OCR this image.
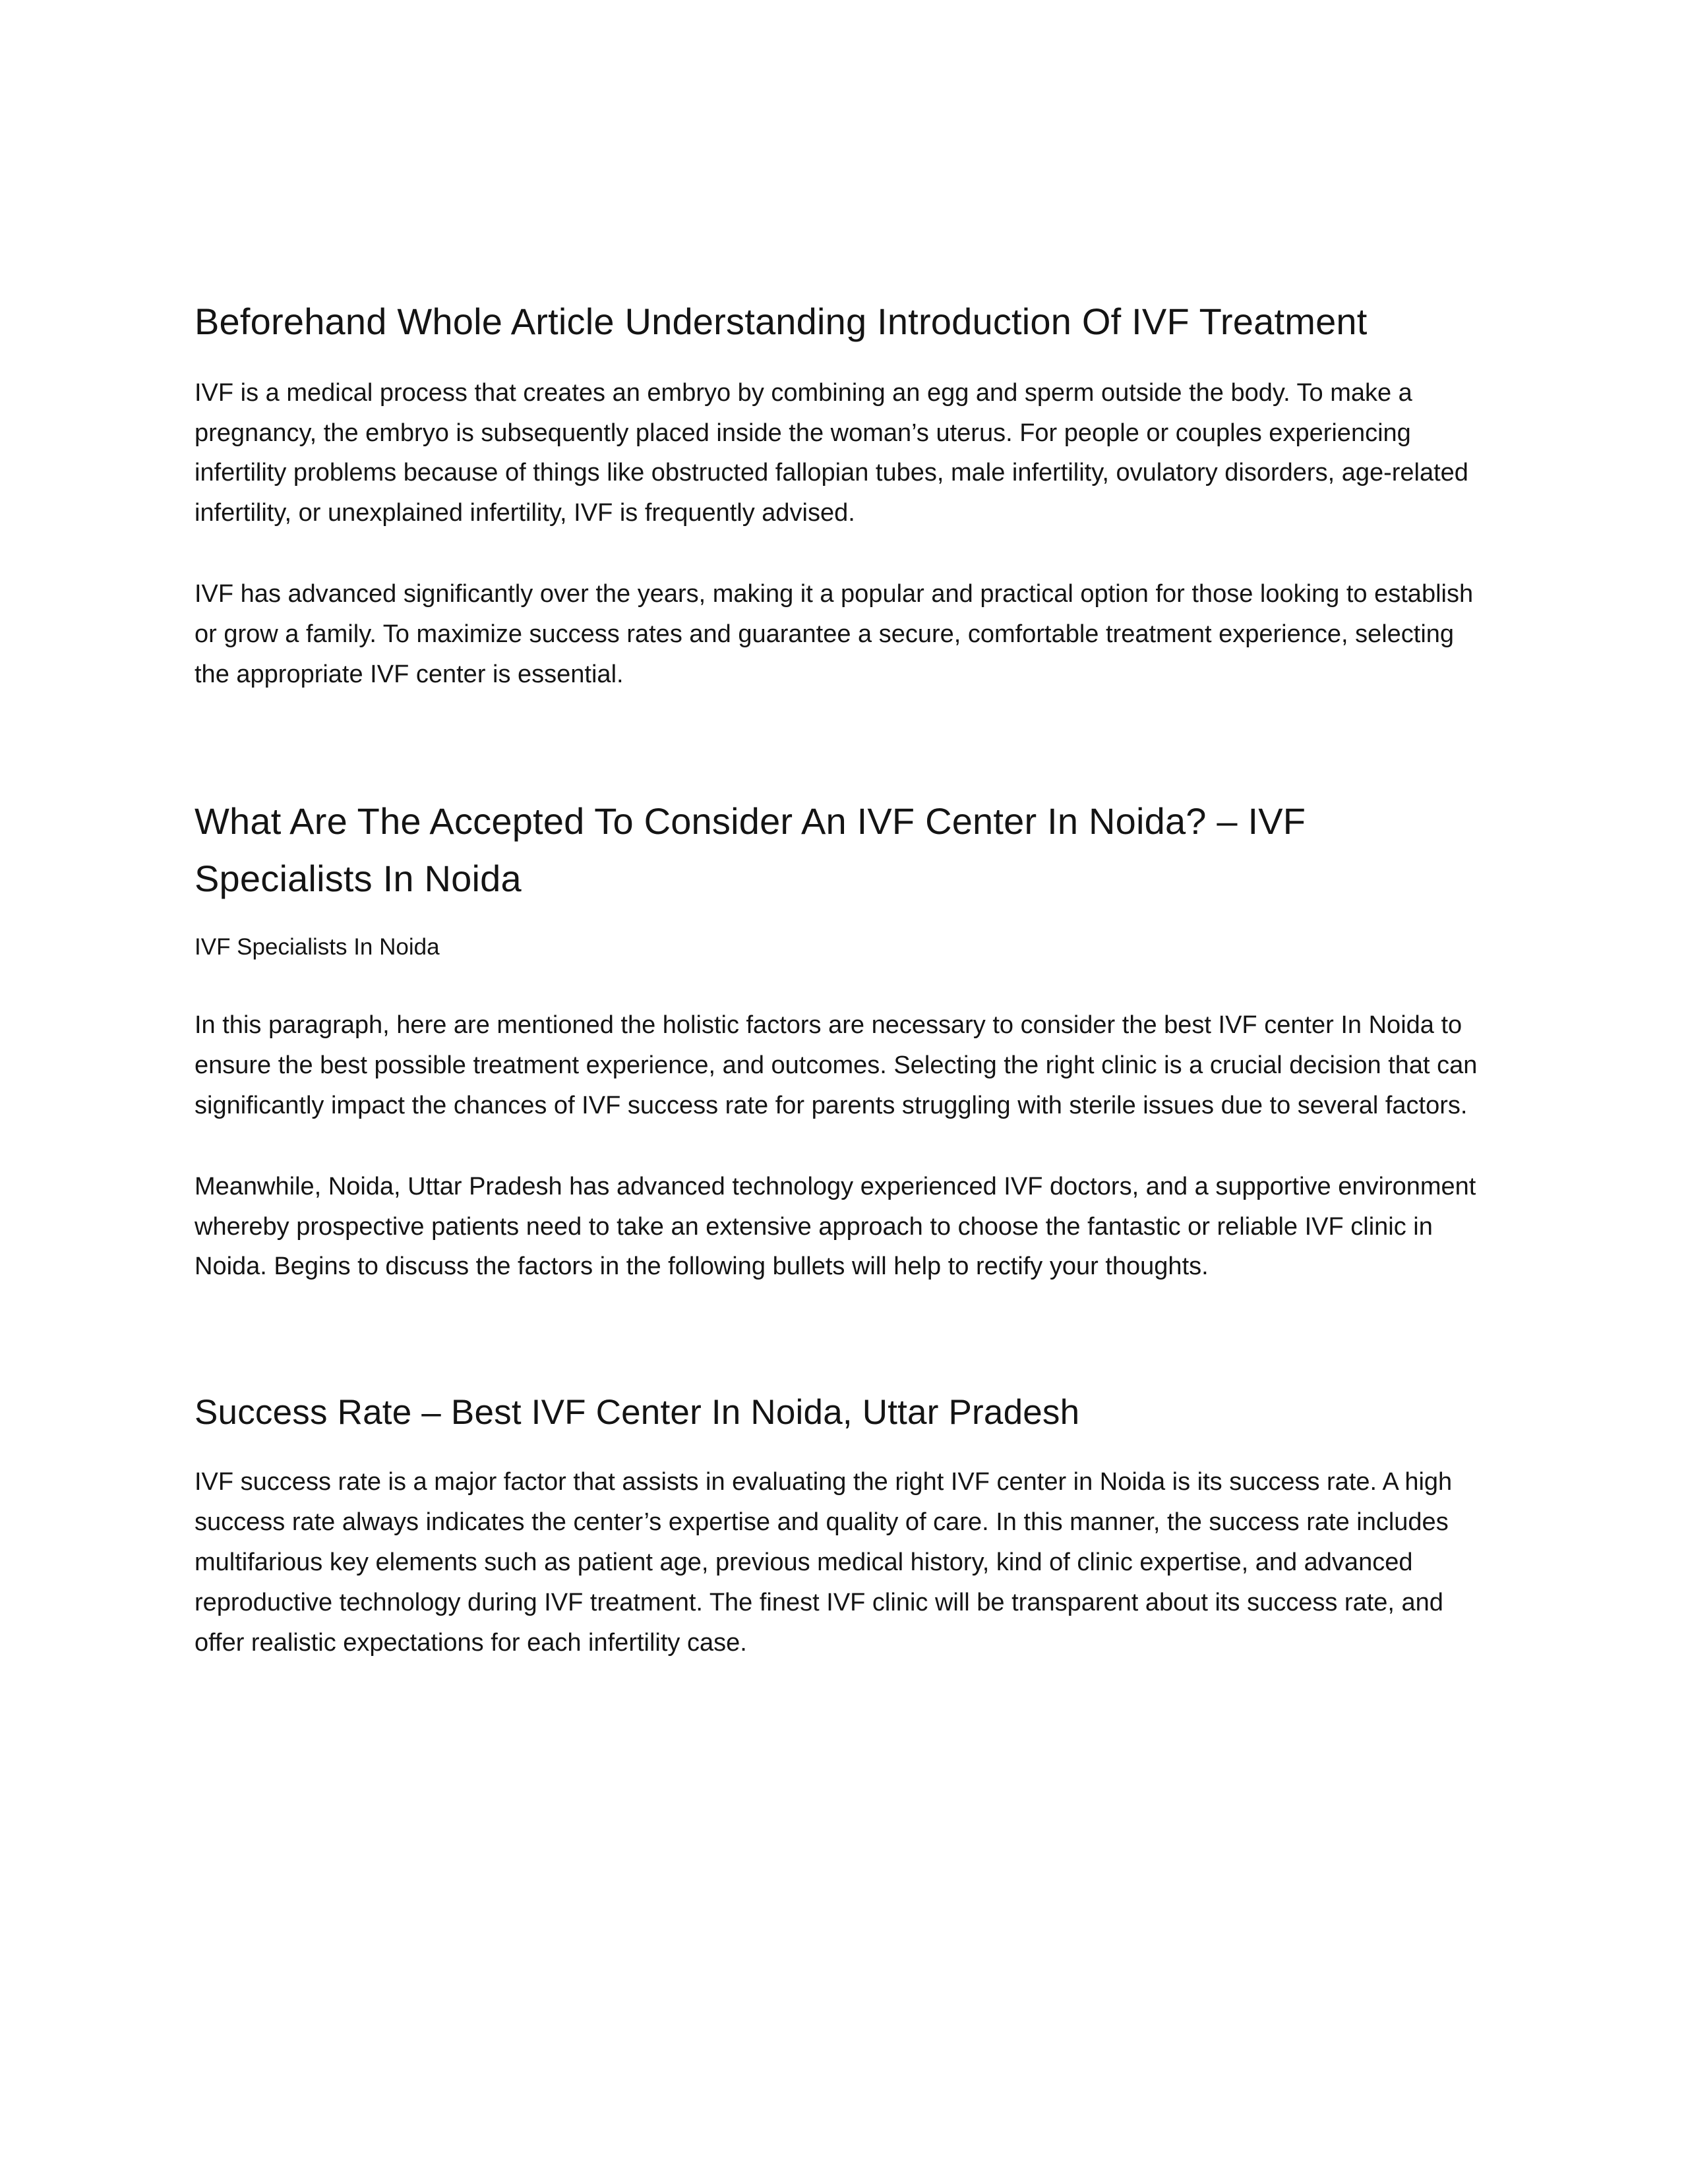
Beforehand Whole Article Understanding Introduction Of IVF Treatment

IVF is a medical process that creates an embryo by combining an egg and sperm outside the body. To make a pregnancy, the embryo is subsequently placed inside the woman’s uterus. For people or couples experiencing infertility problems because of things like obstructed fallopian tubes, male infertility, ovulatory disorders, age-related infertility, or unexplained infertility, IVF is frequently advised.

IVF has advanced significantly over the years, making it a popular and practical option for those looking to establish or grow a family. To maximize success rates and guarantee a secure, comfortable treatment experience, selecting the appropriate IVF center is essential.

What Are The Accepted To Consider An IVF Center In Noida? – IVF Specialists In Noida
IVF Specialists In Noida

In this paragraph, here are mentioned the holistic factors are necessary to consider the best IVF center In Noida to ensure the best possible treatment experience, and outcomes. Selecting the right clinic is a crucial decision that can significantly impact the chances of IVF success rate for parents struggling with sterile issues due to several factors.

Meanwhile, Noida, Uttar Pradesh has advanced technology experienced IVF doctors, and a supportive environment whereby prospective patients need to take an extensive approach to choose the fantastic or reliable IVF clinic in Noida. Begins to discuss the factors in the following bullets will help to rectify your thoughts.

Success Rate – Best IVF Center In Noida, Uttar Pradesh

IVF success rate is a major factor that assists in evaluating the right IVF center in Noida is its success rate. A high success rate always indicates the center’s expertise and quality of care. In this manner, the success rate includes multifarious key elements such as patient age, previous medical history, kind of clinic expertise, and advanced reproductive technology during IVF treatment. The finest IVF clinic will be transparent about its success rate, and offer realistic expectations for each infertility case.
